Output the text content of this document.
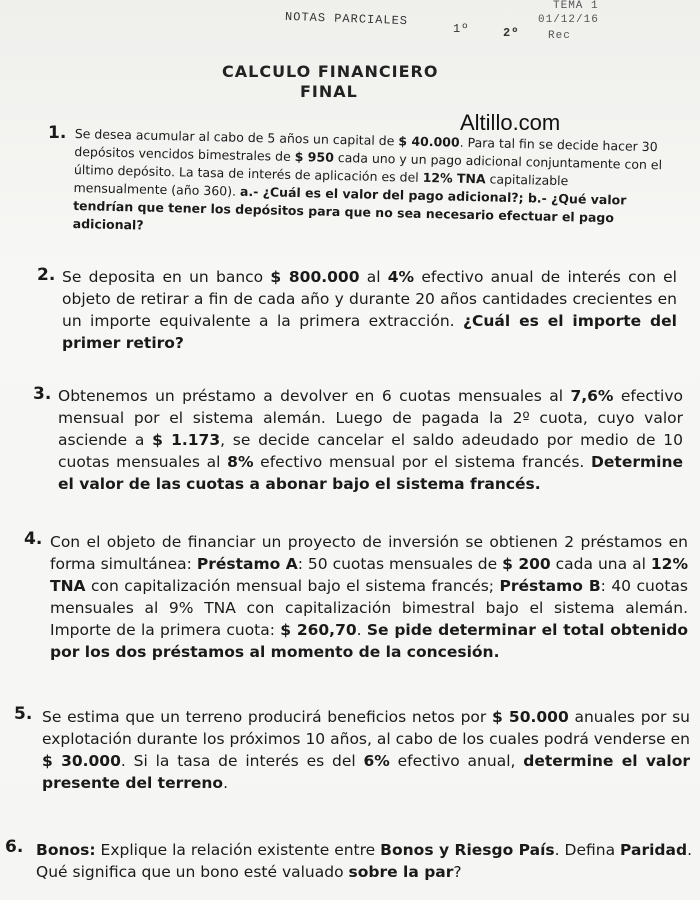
NOTAS PARCIALES
1º	2º
TEMA 1
01/12/16
Rec
CALCULO FINANCIERO
FINAL
Altillo.com
1. Se desea acumular al cabo de 5 años un capital de $ 40.000. Para tal fin se decide hacer 30 depósitos vencidos bimestrales de $ 950 cada uno y un pago adicional conjuntamente con el último depósito. La tasa de interés de aplicación es del 12% TNA capitalizable mensualmente (año 360). a.- ¿Cuál es el valor del pago adicional?; b.- ¿Qué valor tendrían que tener los depósitos para que no sea necesario efectuar el pago adicional?
2. Se deposita en un banco $ 800.000 al 4% efectivo anual de interés con el objeto de retirar a fin de cada año y durante 20 años cantidades crecientes en un importe equivalente a la primera extracción. ¿Cuál es el importe del primer retiro?
3. Obtenemos un préstamo a devolver en 6 cuotas mensuales al 7,6% efectivo mensual por el sistema alemán. Luego de pagada la 2º cuota, cuyo valor asciende a $ 1.173, se decide cancelar el saldo adeudado por medio de 10 cuotas mensuales al 8% efectivo mensual por el sistema francés. Determine el valor de las cuotas a abonar bajo el sistema francés.
4. Con el objeto de financiar un proyecto de inversión se obtienen 2 préstamos en forma simultánea: Préstamo A: 50 cuotas mensuales de $ 200 cada una al 12% TNA con capitalización mensual bajo el sistema francés; Préstamo B: 40 cuotas mensuales al 9% TNA con capitalización bimestral bajo el sistema alemán. Importe de la primera cuota: $ 260,70. Se pide determinar el total obtenido por los dos préstamos al momento de la concesión.
5. Se estima que un terreno producirá beneficios netos por $ 50.000 anuales por su explotación durante los próximos 10 años, al cabo de los cuales podrá venderse en $ 30.000. Si la tasa de interés es del 6% efectivo anual, determine el valor presente del terreno.
6. Bonos: Explique la relación existente entre Bonos y Riesgo País. Defina Paridad. Qué significa que un bono esté valuado sobre la par?
